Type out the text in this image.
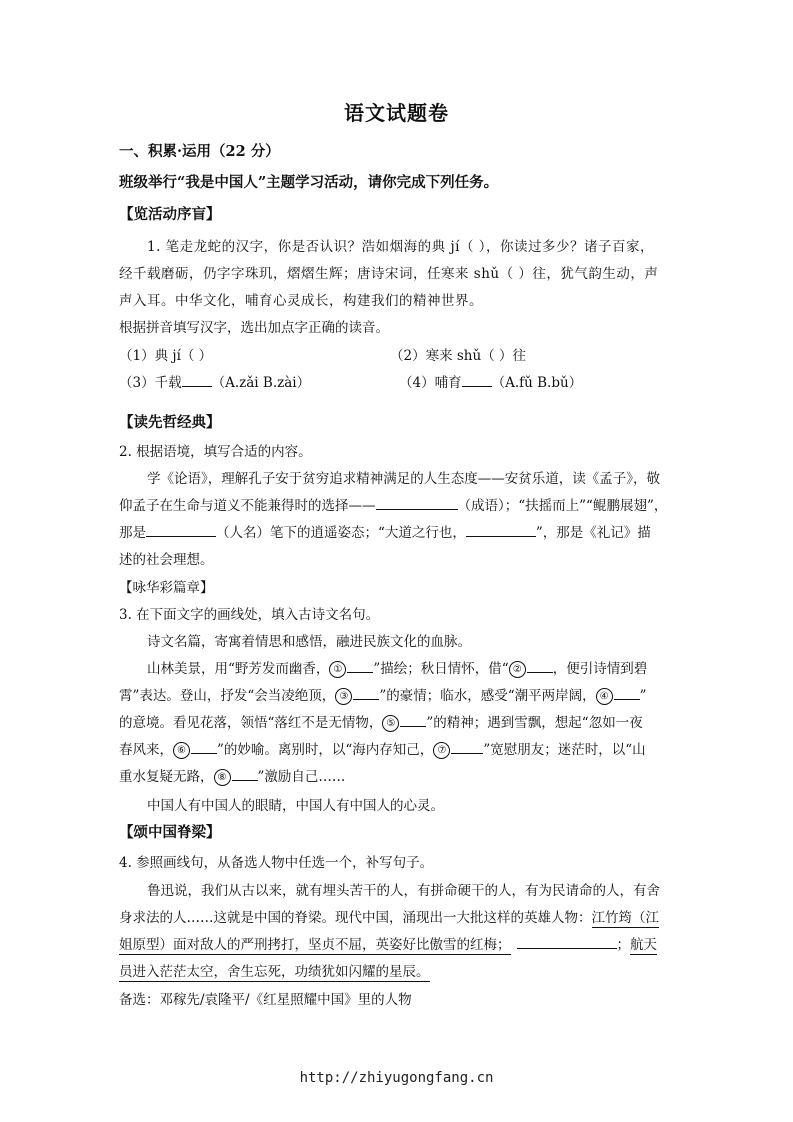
语文试题卷
一、积累·运用（22 分）
班级举行“我是中国人”主题学习活动，请你完成下列任务。
【览活动序盲】
1. 笔走龙蛇的汉字，你是否认识？浩如烟海的典 jí（ ），你读过多少？诸子百家，
经千载磨砺，仍字字珠玑，熠熠生辉；唐诗宋词，任寒来 shǔ（ ）往，犹气韵生动，声
声入耳。中华文化，哺育心灵成长，构建我们的精神世界。
根据拼音填写汉字，选出加点字正确的读音。
（1）典 jí（ ）	（2）寒来 shǔ（ ）往
（3）千载 （A.zǎi B.zài）	（4）哺育 （A.fǔ B.bǔ）
【读先哲经典】
2. 根据语境，填写合适的内容。
学《论语》，理解孔子安于贫穷追求精神满足的人生态度——安贫乐道，读《孟子》，敬
仰孟子在生命与道义不能兼得时的选择——	（成语）；“扶摇而上”“鲲鹏展翅”，
那是	（人名）笔下的逍遥姿态；“大道之行也，	”，那是《礼记》描
述的社会理想。
【咏华彩篇章】
3. 在下面文字的画线处，填入古诗文名句。
诗文名篇，寄寓着情思和感悟，融进民族文化的血脉。
山林美景，用“野芳发而幽香， ① ”描绘；秋日情怀，借“ ② ，便引诗情到碧
霄”表达。登山，抒发“会当凌绝顶， ③ ”的豪情；临水，感受“潮平两岸阔， ④ ”
的意境。看见花落，领悟“落红不是无情物， ⑤ ”的精神；遇到雪飘，想起“忽如一夜
春风来， ⑥ ”的妙喻。离别时，以“海内存知己， ⑦	”宽慰朋友；迷茫时，以“山
重水复疑无路， ⑧ ”激励自己……
中国人有中国人的眼睛，中国人有中国人的心灵。
【颂中国脊梁】
4. 参照画线句，从备选人物中任选一个，补写句子。
鲁迅说，我们从古以来，就有埋头苦干的人，有拼命硬干的人，有为民请命的人，有舍
身求法的人……这就是中国的脊梁。现代中国，涌现出一大批这样的英雄人物：江竹筠（江
姐原型）面对敌人的严刑拷打，坚贞不屈，英姿好比傲雪的红梅；	；航天
员进入茫茫太空，舍生忘死，功绩犹如闪耀的星辰。
备选：邓稼先/袁隆平/《红星照耀中国》里的人物
http://zhiyugongfang.cn
